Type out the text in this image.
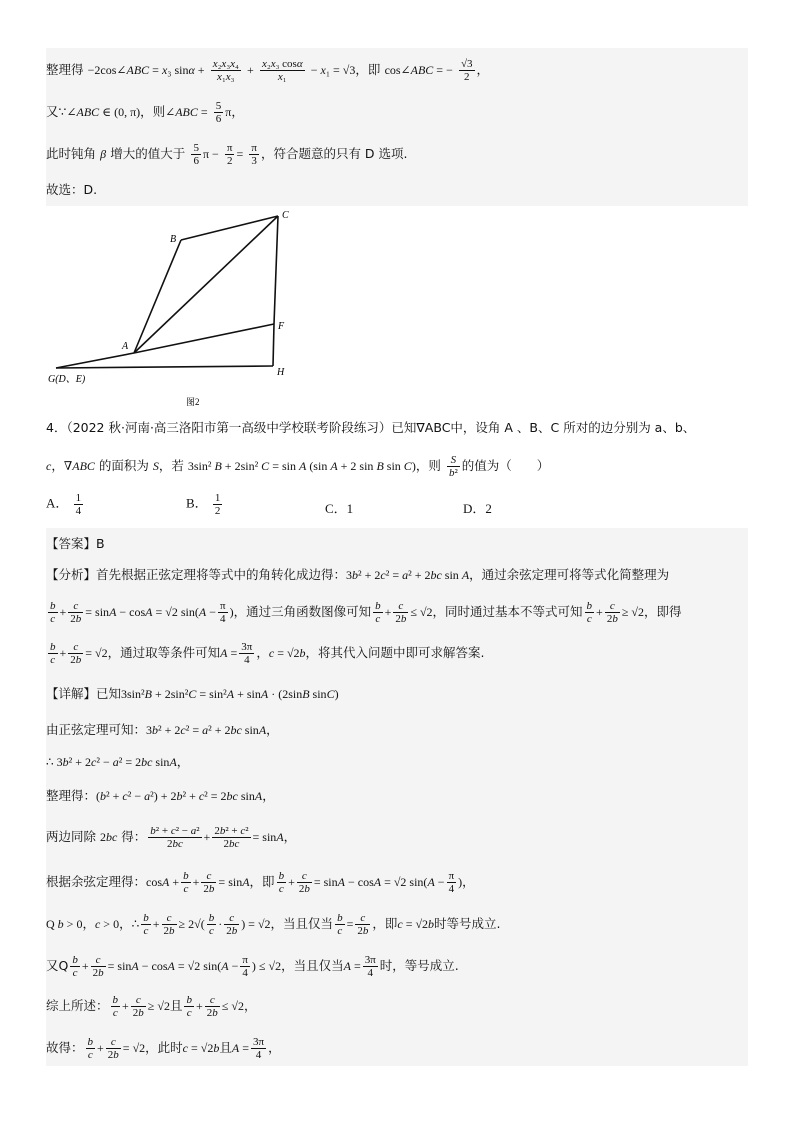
整理得 −2cos∠ABC = x₃ $\sin\alpha + \frac{\text{x₂x₃x₄}}{\text{x₁x₃}} + \frac{\text{x₂x₃ cosα}}{\text{x₁}} - x_1 = √3$，即 cos∠ABC = − $\frac{√3}{2}$ ，
又∵∠ABC ∈ (0, π)，则∠ABC = $\frac{5}{6}$ π，
此时钝角 β 增大的值大于 $\frac{5}{6}$ $\pi - \frac{\pi}{2} = \frac{\pi}{3}$ ，符合题意的只有 D 选项.
故选：D.
B
C
A
F
H
G(D、E)
图2
4．（2022 秋·河南·高三洛阳市第一高级中学校联考阶段练习）已知∇ABC中，设角 A 、B、C 所对的边分别为 a、b、
c，∇ABC 的面积为 S，若 3sin² B + 2sin² C = sin A (sin A + 2 sin B sin C)，则 $\frac{S}{\text{b²}}$ 的值为（　　）
A． $\frac{1}{4}$	B． $\frac{1}{2}$	C．1	D．2
【答案】B
【分析】首先根据正弦定理将等式中的角转化成边得：3b² + 2c² = a² + 2bc sin A，通过余弦定理可将等式化简整理为
$\frac{b}{c} + \frac{c}{2b} = \sin A - \cos A = √2$ $\sin(A - \frac{\pi}{4}$ )，通过三角函数图像可知 $\frac{b}{c} + \frac{c}{2b} \le √2$，同时通过基本不等式可知 $\frac{b}{c} + \frac{c}{2b} \ge √2$，即得
$\frac{b}{c} + \frac{c}{2b} = √2$，通过取等条件可知$A = \frac{3\pi}{4}$ ，c = √2b，将其代入问题中即可求解答案.
【详解】已知3sin²B + 2sin²C = sin²A + sinA · (2sinB sinC)
由正弦定理可知：3b² + 2c² = a² + 2bc sinA，
∴ 3b² + 2c² − a² = 2bc sinA，
整理得：(b² + c² − a²) + 2b² + c² = 2bc sinA，
两边同除 2bc 得： $\frac{\text{b² + c² − a²}}{2bc} + \frac{\text{2b² + c²}}{2bc} = \sin A$，
根据余弦定理得：$\cos A + \frac{b}{c} + \frac{c}{2b} = \sin A$，即 $\frac{b}{c} + \frac{c}{2b} = \sin A - \cos A = √2$ $\sin(A - \frac{\pi}{4}$ )，
Q b > 0，c > 0，∴ $\frac{b}{c} + \frac{c}{2b} \ge 2√( \frac{b}{c} \cdot \frac{c}{2b}$ ) = √2，当且仅当 $\frac{b}{c} = \frac{c}{2b}$ ，即c = √2b时等号成立.
又Q $\frac{b}{c} + \frac{c}{2b} = \sin A - \cos A = √2$ $\sin(A - \frac{\pi}{4}$ ) ≤ √2，当且仅当$A = \frac{3\pi}{4}$ 时，等号成立.
综上所述： $\frac{b}{c} + \frac{c}{2b} \ge √2$且 $\frac{b}{c} + \frac{c}{2b} \le √2$，
故得： $\frac{b}{c} + \frac{c}{2b} = √2$，此时c = √2b且$A = \frac{3\pi}{4}$ ，
